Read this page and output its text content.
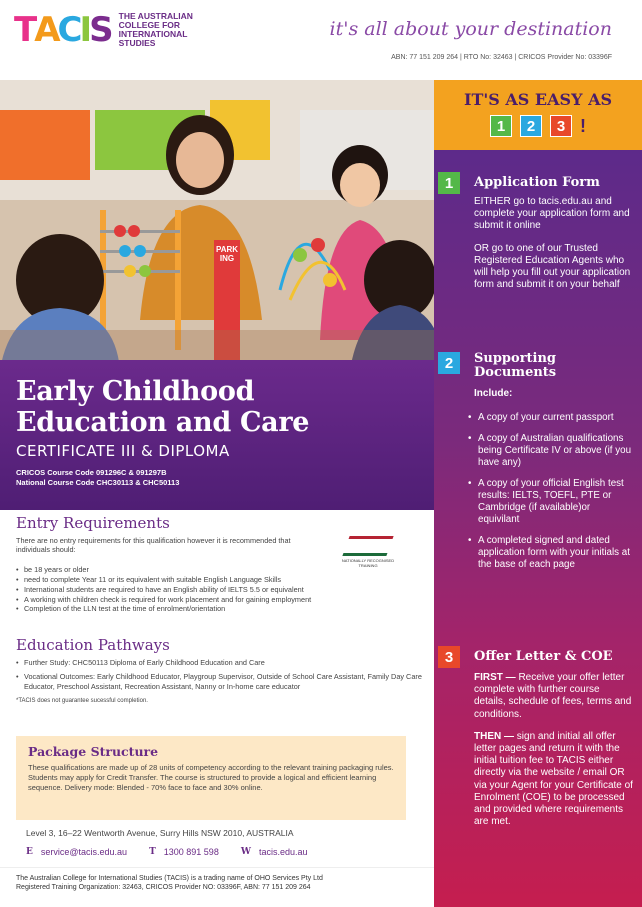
T A C I S THE AUSTRALIAN COLLEGE FOR INTERNATIONAL STUDIES
it's all about your destination
ABN: 77 151 209 264 | RTO No: 32463 | CRICOS Provider No: 03396F
PARKING
Early Childhood
Education and Care
CERTIFICATE III & DIPLOMA
CRICOS Course Code 091296C & 091297B
National Course Code CHC30113 & CHC50113
Entry Requirements

There are no entry requirements for this qualification however it is recommended that individuals should:

• be 18 years or older
• need to complete Year 11 or its equivalent with suitable English Language Skills
• International students are required to have an English ability of IELTS 5.5 or equivalent
• A working with children check is required for work placement and for gaining employment
• Completion of the LLN test at the time of enrolment/orientation
NATIONALLY RECOGNISED TRAINING
Education Pathways
• Further Study: CHC50113 Diploma of Early Childhood Education and Care
• Vocational Outcomes: Early Childhood Educator, Playgroup Supervisor, Outside of School Care Assistant, Family Day Care Educator, Preschool Assistant, Recreation Assistant, Nanny or In-home care educator
*TACIS does not guarantee sucessful completion.
Package Structure

These qualifications are made up of 28 units of competency according to the relevant training packaging rules. Students may apply for Credit Transfer. The course is structured to provide a logical and efficient learning sequence. Delivery mode: Blended - 70% face to face and 30% online.

Level 3, 16–22 Wentworth Avenue, Surry Hills NSW 2010, AUSTRALIA
E service@tacis.edu.au T 1300 891 598 W tacis.edu.au

The Australian College for International Studies (TACIS) is a trading name of OHO Services Pty Ltd

Registered Training Organization: 32463, CRICOS Provider NO: 03396F, ABN: 77 151 209 264

IT'S AS EASY AS
1	2	3 !
1	Application Form

EITHER go to tacis.edu.au and complete your application form and submit it online

OR go to one of our Trusted Registered Education Agents who will help you fill out your application form and submit it on your behalf

2	Supporting
Documents
Include:
• A copy of your current passport
• A copy of Australian qualifications being Certificate IV or above (if you have any)
• A copy of your official English test results: IELTS, TOEFL, PTE or Cambridge (if available)or equivilant
• A completed signed and dated application form with your initials at the base of each page
3	Offer Letter & COE

FIRST — Receive your offer letter complete with further course details, schedule of fees, terms and conditions.

THEN — sign and initial all offer letter pages and return it with the initial tuition fee to TACIS either directly via the website / email OR via your Agent for your Certificate of Enrolment (COE) to be processed and provided where requirements are met.
